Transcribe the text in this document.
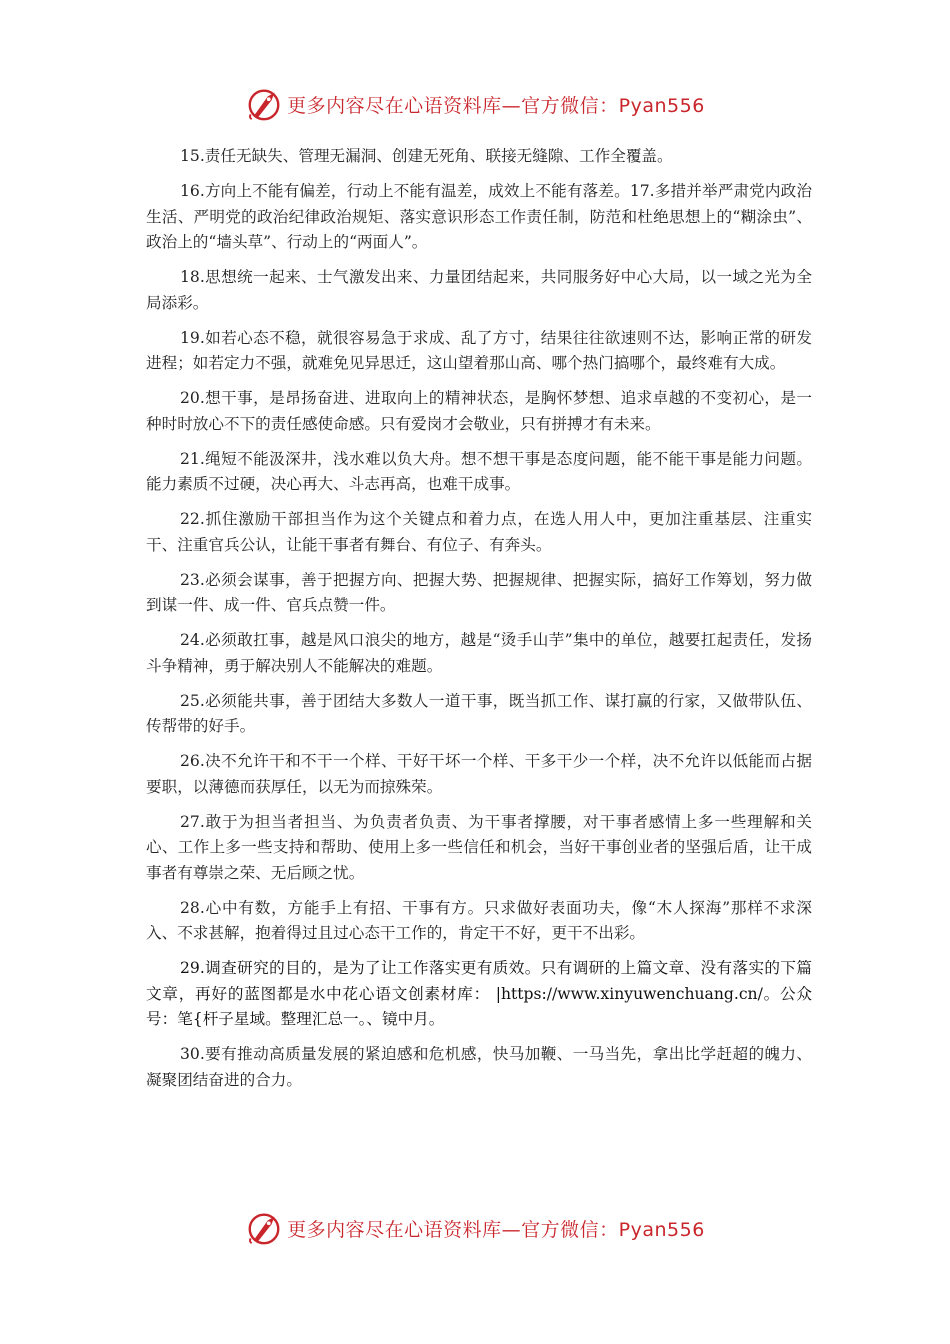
更多内容尽在心语资料库—官方微信：Pyan556

15.责任无缺失、管理无漏洞、创建无死角、联接无缝隙、工作全覆盖。

16.方向上不能有偏差，行动上不能有温差，成效上不能有落差。17.多措并举严肃党内政治生活、严明党的政治纪律政治规矩、落实意识形态工作责任制，防范和杜绝思想上的“糊涂虫”、政治上的“墙头草”、行动上的“两面人”。

18.思想统一起来、士气激发出来、力量团结起来，共同服务好中心大局，以一域之光为全局添彩。

19.如若心态不稳，就很容易急于求成、乱了方寸，结果往往欲速则不达，影响正常的研发进程；如若定力不强，就难免见异思迁，这山望着那山高、哪个热门搞哪个，最终难有大成。

20.想干事，是昂扬奋进、进取向上的精神状态，是胸怀梦想、追求卓越的不变初心，是一种时时放心不下的责任感使命感。只有爱岗才会敬业，只有拼搏才有未来。

21.绳短不能汲深井，浅水难以负大舟。想不想干事是态度问题，能不能干事是能力问题。能力素质不过硬，决心再大、斗志再高，也难干成事。

22.抓住激励干部担当作为这个关键点和着力点，在选人用人中，更加注重基层、注重实干、注重官兵公认，让能干事者有舞台、有位子、有奔头。

23.必须会谋事，善于把握方向、把握大势、把握规律、把握实际，搞好工作筹划，努力做到谋一件、成一件、官兵点赞一件。

24.必须敢扛事，越是风口浪尖的地方，越是“烫手山芋”集中的单位，越要扛起责任，发扬斗争精神，勇于解决别人不能解决的难题。

25.必须能共事，善于团结大多数人一道干事，既当抓工作、谋打赢的行家，又做带队伍、传帮带的好手。

26.决不允许干和不干一个样、干好干坏一个样、干多干少一个样，决不允许以低能而占据要职，以薄德而获厚任，以无为而掠殊荣。

27.敢于为担当者担当、为负责者负责、为干事者撑腰，对干事者感情上多一些理解和关心、工作上多一些支持和帮助、使用上多一些信任和机会，当好干事创业者的坚强后盾，让干成事者有尊崇之荣、无后顾之忧。

28.心中有数，方能手上有招、干事有方。只求做好表面功夫，像“木人探海”那样不求深入、不求甚解，抱着得过且过心态干工作的，肯定干不好，更干不出彩。

29.调查研究的目的，是为了让工作落实更有质效。只有调研的上篇文章、没有落实的下篇文章，再好的蓝图都是水中花心语文创素材库： |https://www.xinyuwenchuang.cn/。公众号：笔{杆子星域。整理汇总一。、镜中月。

30.要有推动高质量发展的紧迫感和危机感，快马加鞭、一马当先，拿出比学赶超的魄力、凝聚团结奋进的合力。

更多内容尽在心语资料库—官方微信：Pyan556
